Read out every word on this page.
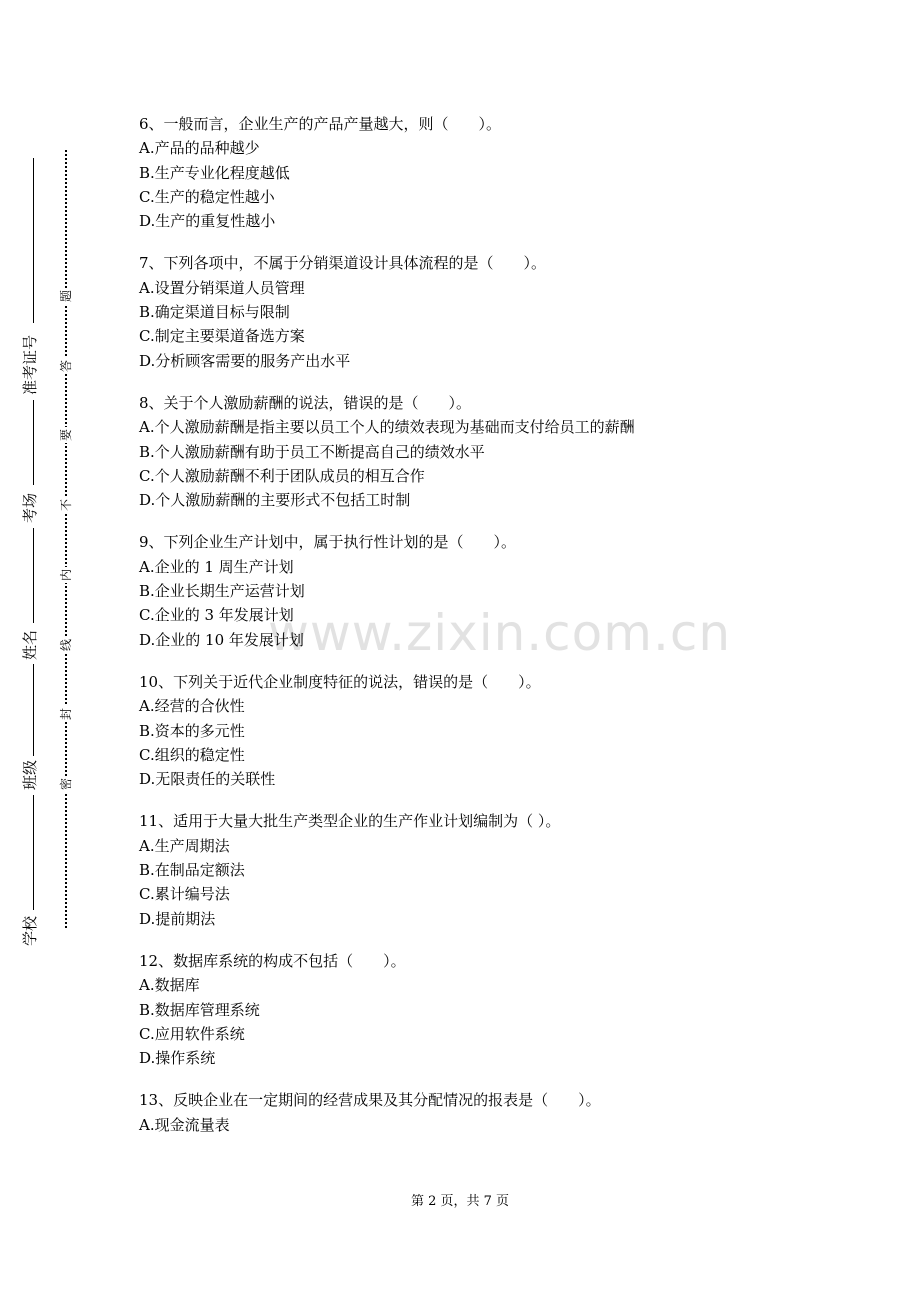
准考证号
考场
姓名
班级
学校
题
答
要
不
内
线
封
密
www.zixin.com.cn
6、一般而言，企业生产的产品产量越大，则（　　）。
A.产品的品种越少
B.生产专业化程度越低
C.生产的稳定性越小
D.生产的重复性越小
7、下列各项中，不属于分销渠道设计具体流程的是（　　）。
A.设置分销渠道人员管理
B.确定渠道目标与限制
C.制定主要渠道备选方案
D.分析顾客需要的服务产出水平
8、关于个人激励薪酬的说法，错误的是（　　）。
A.个人激励薪酬是指主要以员工个人的绩效表现为基础而支付给员工的薪酬
B.个人激励薪酬有助于员工不断提高自己的绩效水平
C.个人激励薪酬不利于团队成员的相互合作
D.个人激励薪酬的主要形式不包括工时制
9、下列企业生产计划中，属于执行性计划的是（　　）。
A.企业的 1 周生产计划
B.企业长期生产运营计划
C.企业的 3 年发展计划
D.企业的 10 年发展计划
10、下列关于近代企业制度特征的说法，错误的是（　　）。
A.经营的合伙性
B.资本的多元性
C.组织的稳定性
D.无限责任的关联性
11、适用于大量大批生产类型企业的生产作业计划编制为（ ）。
A.生产周期法
B.在制品定额法
C.累计编号法
D.提前期法
12、数据库系统的构成不包括（　　）。
A.数据库
B.数据库管理系统
C.应用软件系统
D.操作系统
13、反映企业在一定期间的经营成果及其分配情况的报表是（　　）。
A.现金流量表
第 2 页，共 7 页
